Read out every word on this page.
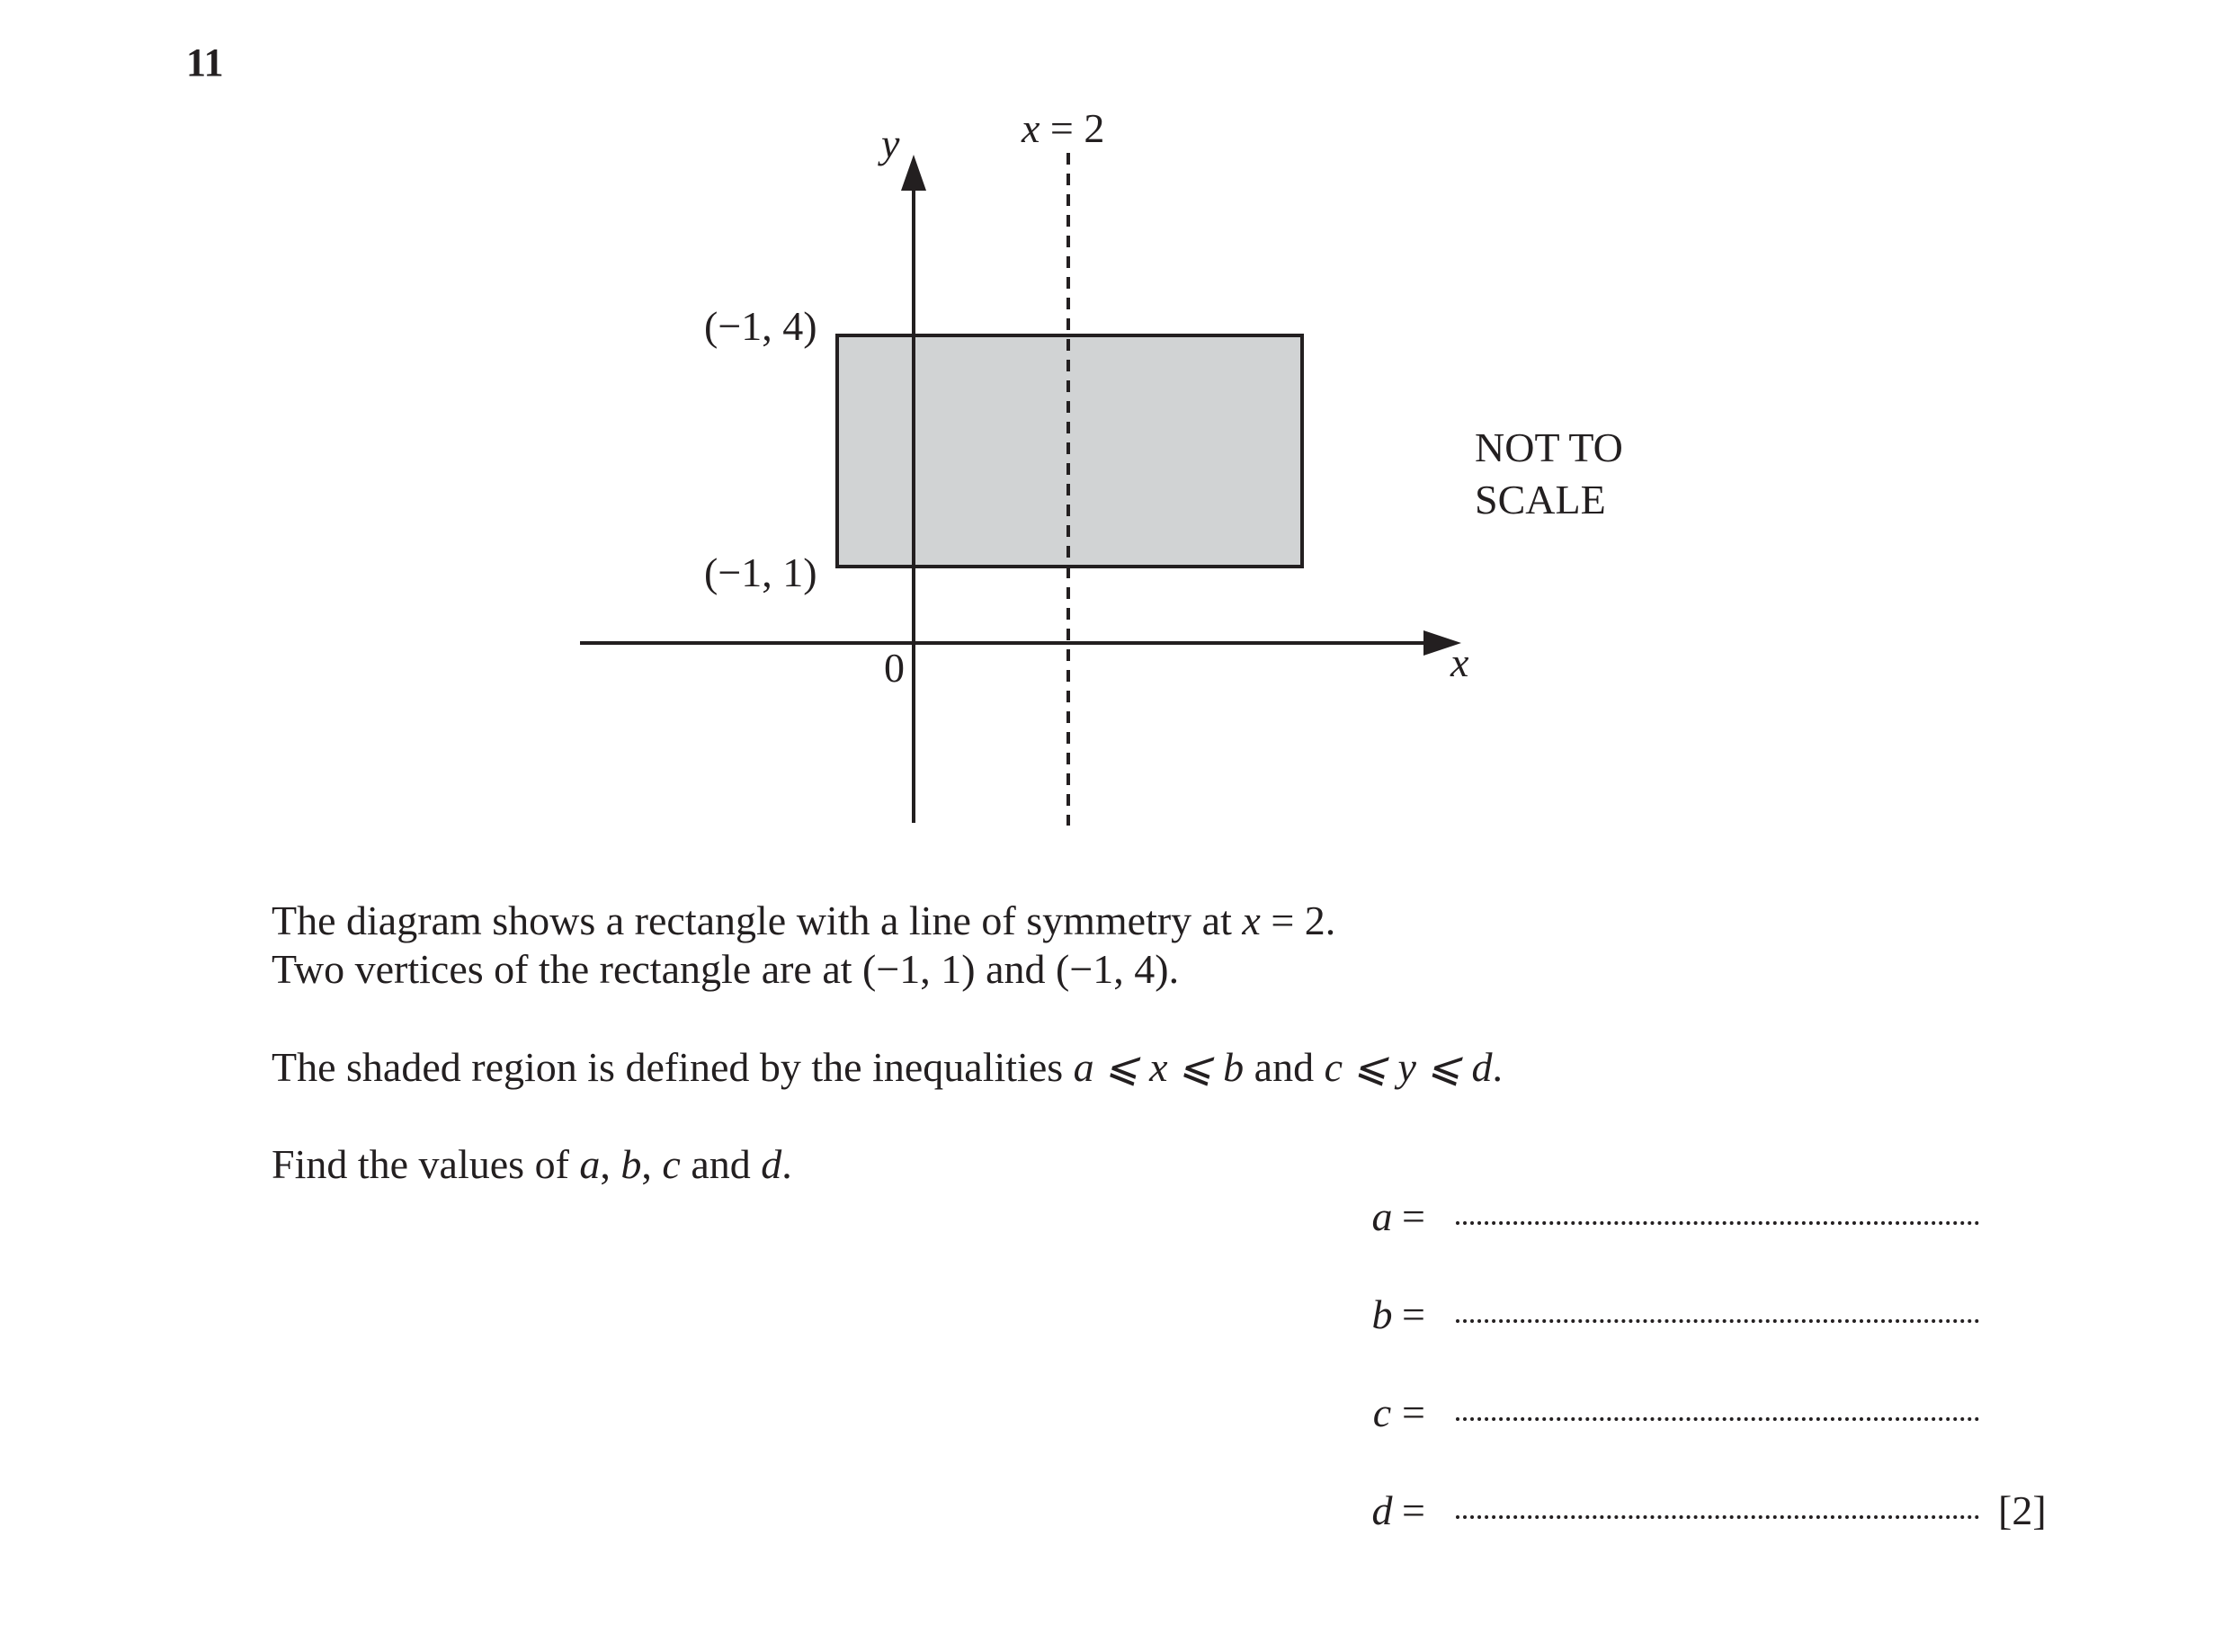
11
y
x
0
x = 2
(−1, 4)
(−1, 1)
NOT TO
SCALE

The diagram shows a rectangle with a line of symmetry at x = 2.

Two vertices of the rectangle are at (−1, 1) and (−1, 4).

The shaded region is defined by the inequalities a ⩽ x ⩽ b and c ⩽ y ⩽ d.

Find the values of a, b, c and d.

a =
b =
c =
d =	[2]
